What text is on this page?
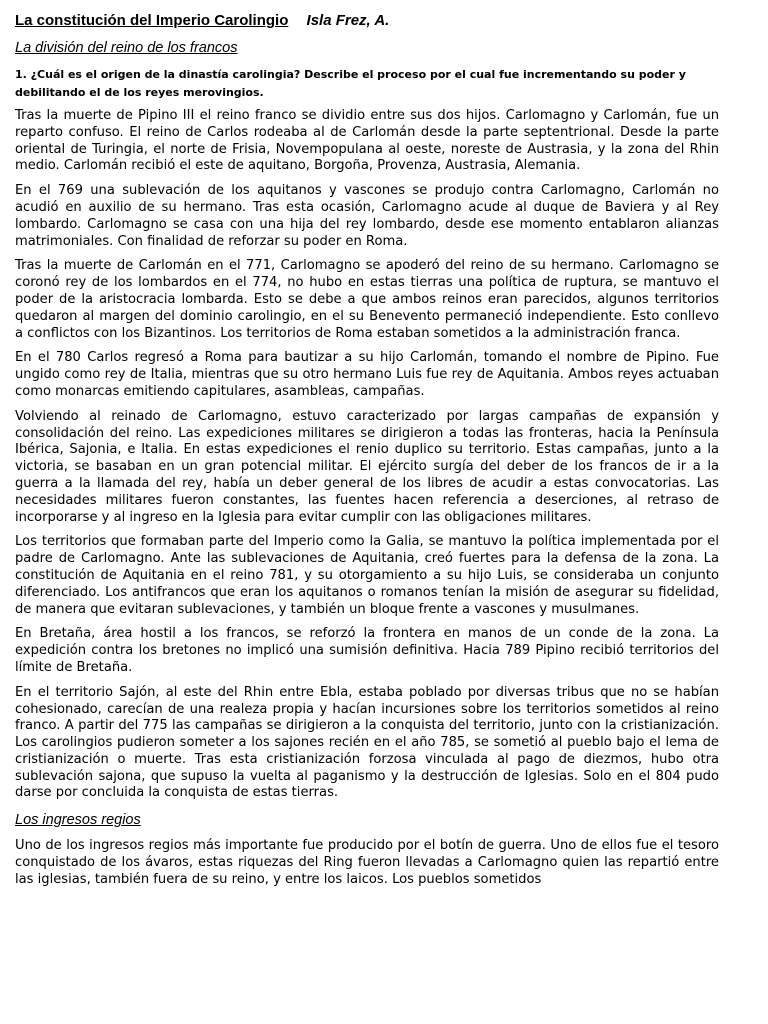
La constitución del Imperio Carolingio Isla Frez, A.
La división del reino de los francos
1. ¿Cuál es el origen de la dinastía carolingia? Describe el proceso por el cual fue incrementando su poder y debilitando el de los reyes merovingios.

Tras la muerte de Pipino III el reino franco se dividio entre sus dos hijos. Carlomagno y Carlomán, fue un reparto confuso. El reino de Carlos rodeaba al de Carlomán desde la parte septentrional. Desde la parte oriental de Turingia, el norte de Frisia, Novempopulana al oeste, noreste de Austrasia, y la zona del Rhin medio. Carlomán recibió el este de aquitano, Borgoña, Provenza, Austrasia, Alemania.

En el 769 una sublevación de los aquitanos y vascones se produjo contra Carlomagno, Carlomán no acudió en auxilio de su hermano. Tras esta ocasión, Carlomagno acude al duque de Baviera y al Rey lombardo. Carlomagno se casa con una hija del rey lombardo, desde ese momento entablaron alianzas matrimoniales. Con finalidad de reforzar su poder en Roma.

Tras la muerte de Carlomán en el 771, Carlomagno se apoderó del reino de su hermano. Carlomagno se coronó rey de los lombardos en el 774, no hubo en estas tierras una política de ruptura, se mantuvo el poder de la aristocracia lombarda. Esto se debe a que ambos reinos eran parecidos, algunos territorios quedaron al margen del dominio carolingio, en el su Benevento permaneció independiente. Esto conllevo a conflictos con los Bizantinos. Los territorios de Roma estaban sometidos a la administración franca.

En el 780 Carlos regresó a Roma para bautizar a su hijo Carlomán, tomando el nombre de Pipino. Fue ungido como rey de Italia, mientras que su otro hermano Luis fue rey de Aquitania. Ambos reyes actuaban como monarcas emitiendo capitulares, asambleas, campañas.

Volviendo al reinado de Carlomagno, estuvo caracterizado por largas campañas de expansión y consolidación del reino. Las expediciones militares se dirigieron a todas las fronteras, hacia la Península Ibérica, Sajonia, e Italia. En estas expediciones el renio duplico su territorio. Estas campañas, junto a la victoria, se basaban en un gran potencial militar. El ejército surgía del deber de los francos de ir a la guerra a la llamada del rey, había un deber general de los libres de acudir a estas convocatorias. Las necesidades militares fueron constantes, las fuentes hacen referencia a deserciones, al retraso de incorporarse y al ingreso en la Iglesia para evitar cumplir con las obligaciones militares.

Los territorios que formaban parte del Imperio como la Galia, se mantuvo la política implementada por el padre de Carlomagno. Ante las sublevaciones de Aquitania, creó fuertes para la defensa de la zona. La constitución de Aquitania en el reino 781, y su otorgamiento a su hijo Luis, se consideraba un conjunto diferenciado. Los antifrancos que eran los aquitanos o romanos tenían la misión de asegurar su fidelidad, de manera que evitaran sublevaciones, y también un bloque frente a vascones y musulmanes.

En Bretaña, área hostil a los francos, se reforzó la frontera en manos de un conde de la zona. La expedición contra los bretones no implicó una sumisión definitiva. Hacia 789 Pipino recibió territorios del límite de Bretaña.

En el territorio Sajón, al este del Rhin entre Ebla, estaba poblado por diversas tribus que no se habían cohesionado, carecían de una realeza propia y hacían incursiones sobre los territorios sometidos al reino franco. A partir del 775 las campañas se dirigieron a la conquista del territorio, junto con la cristianización. Los carolingios pudieron someter a los sajones recién en el año 785, se sometió al pueblo bajo el lema de cristianización o muerte. Tras esta cristianización forzosa vinculada al pago de diezmos, hubo otra sublevación sajona, que supuso la vuelta al paganismo y la destrucción de Iglesias. Solo en el 804 pudo darse por concluida la conquista de estas tierras.

Los ingresos regios

Uno de los ingresos regios más importante fue producido por el botín de guerra. Uno de ellos fue el tesoro conquistado de los ávaros, estas riquezas del Ring fueron llevadas a Carlomagno quien las repartió entre las iglesias, también fuera de su reino, y entre los laicos. Los pueblos sometidos
